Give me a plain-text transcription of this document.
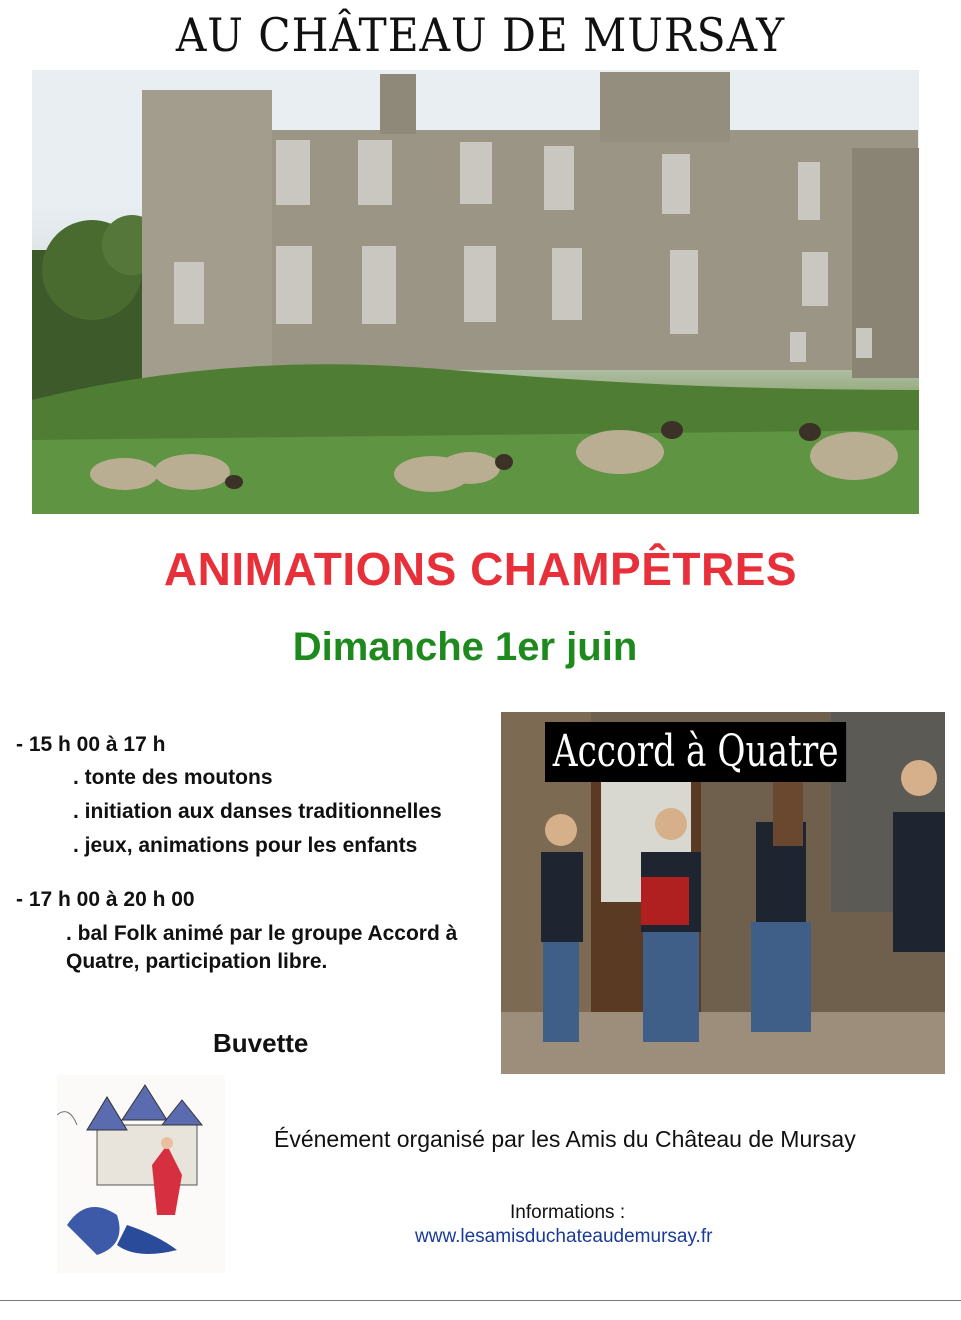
AU CHÂTEAU DE MURSAY
ANIMATIONS CHAMPÊTRES
Dimanche 1er juin
- 15 h 00 à 17 h
. tonte des moutons
. initiation aux danses traditionnelles
. jeux, animations pour les enfants
- 17 h 00 à 20 h 00
. bal Folk animé par le groupe Accord à Quatre, participation libre.
Buvette
Accord à Quatre
Événement organisé par les Amis du Château de Mursay
Informations :
www.lesamisduchateaudemursay.fr
